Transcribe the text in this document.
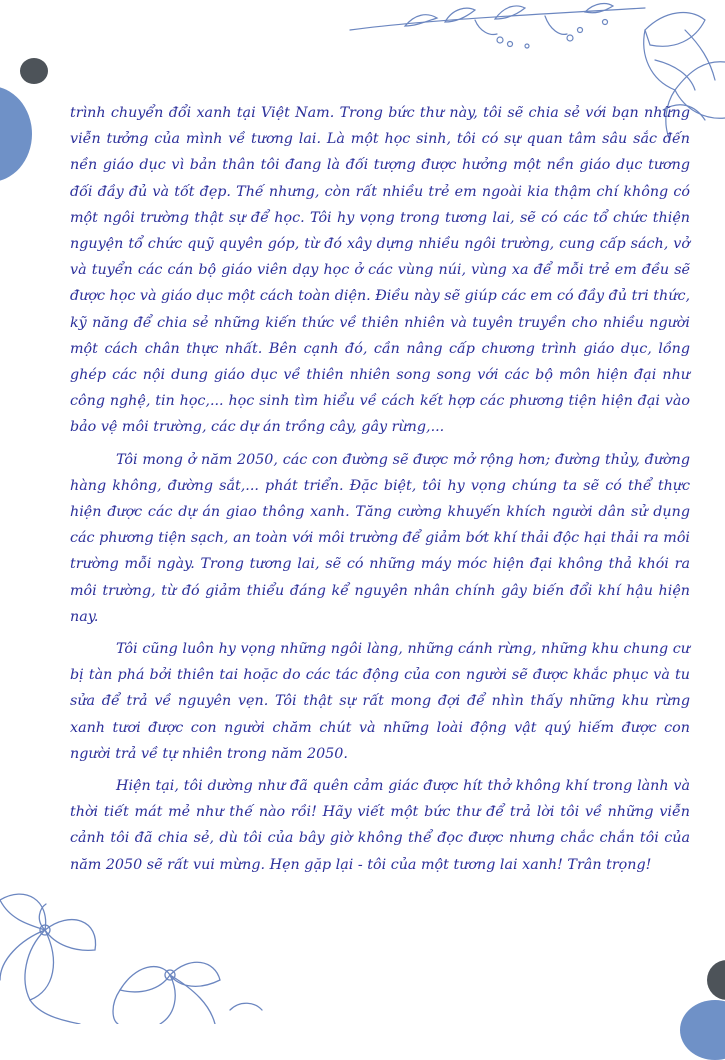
trình chuyển đổi xanh tại Việt Nam. Trong bức thư này, tôi sẽ chia sẻ với bạn những viễn tưởng của mình về tương lai. Là một học sinh, tôi có sự quan tâm sâu sắc đến nền giáo dục vì bản thân tôi đang là đối tượng được hưởng một nền giáo dục tương đối đầy đủ và tốt đẹp. Thế nhưng, còn rất nhiều trẻ em ngoài kia thậm chí không có một ngôi trường thật sự để học. Tôi hy vọng trong tương lai, sẽ có các tổ chức thiện nguyện tổ chức quỹ quyên góp, từ đó xây dựng nhiều ngôi trường, cung cấp sách, vở và tuyển các cán bộ giáo viên dạy học ở các vùng núi, vùng xa để mỗi trẻ em đều sẽ được học và giáo dục một cách toàn diện. Điều này sẽ giúp các em có đầy đủ tri thức, kỹ năng để chia sẻ những kiến thức về thiên nhiên và tuyên truyền cho nhiều người một cách chân thực nhất. Bên cạnh đó, cần nâng cấp chương trình giáo dục, lồng ghép các nội dung giáo dục về thiên nhiên song song với các bộ môn hiện đại như công nghệ, tin học,... học sinh tìm hiểu về cách kết hợp các phương tiện hiện đại vào bảo vệ môi trường, các dự án trồng cây, gây rừng,...

Tôi mong ở năm 2050, các con đường sẽ được mở rộng hơn; đường thủy, đường hàng không, đường sắt,... phát triển. Đặc biệt, tôi hy vọng chúng ta sẽ có thể thực hiện được các dự án giao thông xanh. Tăng cường khuyến khích người dân sử dụng các phương tiện sạch, an toàn với môi trường để giảm bớt khí thải độc hại thải ra môi trường mỗi ngày. Trong tương lai, sẽ có những máy móc hiện đại không thả khói ra môi trường, từ đó giảm thiểu đáng kể nguyên nhân chính gây biến đổi khí hậu hiện nay.

Tôi cũng luôn hy vọng những ngôi làng, những cánh rừng, những khu chung cư bị tàn phá bởi thiên tai hoặc do các tác động của con người sẽ được khắc phục và tu sửa để trả về nguyên vẹn. Tôi thật sự rất mong đợi để nhìn thấy những khu rừng xanh tươi được con người chăm chút và những loài động vật quý hiếm được con người trả về tự nhiên trong năm 2050.

Hiện tại, tôi dường như đã quên cảm giác được hít thở không khí trong lành và thời tiết mát mẻ như thế nào rồi! Hãy viết một bức thư để trả lời tôi về những viễn cảnh tôi đã chia sẻ, dù tôi của bây giờ không thể đọc được nhưng chắc chắn tôi của năm 2050 sẽ rất vui mừng. Hẹn gặp lại - tôi của một tương lai xanh! Trân trọng!
